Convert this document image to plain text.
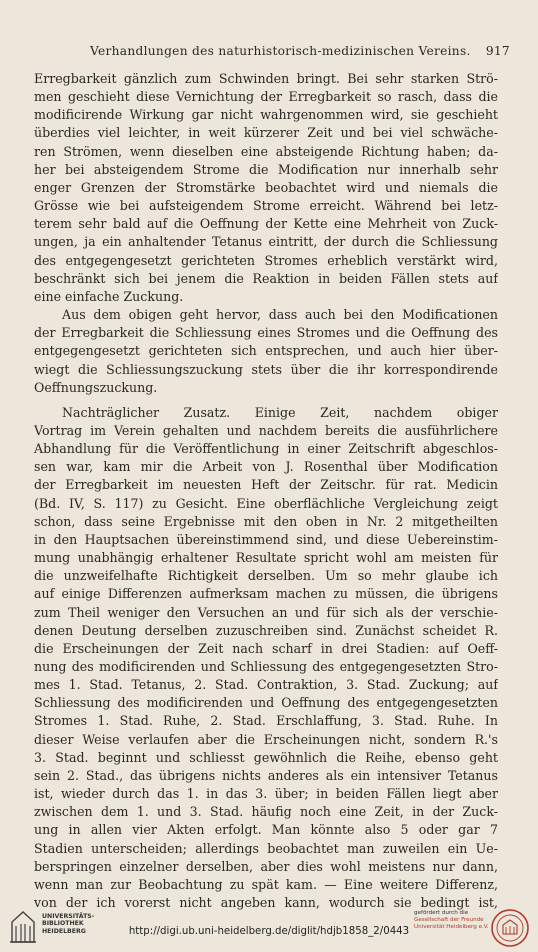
Verhandlungen des naturhistorisch-medizinischen Vereins. 917
Erregbarkeit gänzlich zum Schwinden bringt. Bei sehr starken Strö-
men geschieht diese Vernichtung der Erregbarkeit so rasch, dass die
modificirende Wirkung gar nicht wahrgenommen wird, sie geschieht
überdies viel leichter, in weit kürzerer Zeit und bei viel schwäche-
ren Strömen, wenn dieselben eine absteigende Richtung haben; da-
her bei absteigendem Strome die Modification nur innerhalb sehr
enger Grenzen der Stromstärke beobachtet wird und niemals die
Grösse wie bei aufsteigendem Strome erreicht. Während bei letz-
terem sehr bald auf die Oeffnung der Kette eine Mehrheit von Zuck-
ungen, ja ein anhaltender Tetanus eintritt, der durch die Schliessung
des entgegengesetzt gerichteten Stromes erheblich verstärkt wird,
beschränkt sich bei jenem die Reaktion in beiden Fällen stets auf
eine einfache Zuckung.
Aus dem obigen geht hervor, dass auch bei den Modificationen
der Erregbarkeit die Schliessung eines Stromes und die Oeffnung des
entgegengesetzt gerichteten sich entsprechen, und auch hier über-
wiegt die Schliessungszuckung stets über die ihr korrespondirende
Oeffnungszuckung.
Nachträglicher Zusatz. Einige Zeit, nachdem obiger
Vortrag im Verein gehalten und nachdem bereits die ausführlichere
Abhandlung für die Veröffentlichung in einer Zeitschrift abgeschlos-
sen war, kam mir die Arbeit von J. Rosenthal über Modification
der Erregbarkeit im neuesten Heft der Zeitschr. für rat. Medicin
(Bd. IV, S. 117) zu Gesicht. Eine oberflächliche Vergleichung zeigt
schon, dass seine Ergebnisse mit den oben in Nr. 2 mitgetheilten
in den Hauptsachen übereinstimmend sind, und diese Uebereinstim-
mung unabhängig erhaltener Resultate spricht wohl am meisten für
die unzweifelhafte Richtigkeit derselben. Um so mehr glaube ich
auf einige Differenzen aufmerksam machen zu müssen, die übrigens
zum Theil weniger den Versuchen an und für sich als der verschie-
denen Deutung derselben zuzuschreiben sind. Zunächst scheidet R.
die Erscheinungen der Zeit nach scharf in drei Stadien: auf Oeff-
nung des modificirenden und Schliessung des entgegengesetzten Stro-
mes 1. Stad. Tetanus, 2. Stad. Contraktion, 3. Stad. Zuckung; auf
Schliessung des modificirenden und Oeffnung des entgegengesetzten
Stromes 1. Stad. Ruhe, 2. Stad. Erschlaffung, 3. Stad. Ruhe. In
dieser Weise verlaufen aber die Erscheinungen nicht, sondern R.'s
3. Stad. beginnt und schliesst gewöhnlich die Reihe, ebenso geht
sein 2. Stad., das übrigens nichts anderes als ein intensiver Tetanus
ist, wieder durch das 1. in das 3. über; in beiden Fällen liegt aber
zwischen dem 1. und 3. Stad. häufig noch eine Zeit, in der Zuck-
ung in allen vier Akten erfolgt. Man könnte also 5 oder gar 7
Stadien unterscheiden; allerdings beobachtet man zuweilen ein Ue-
berspringen einzelner derselben, aber dies wohl meistens nur dann,
wenn man zur Beobachtung zu spät kam. — Eine weitere Differenz,
von der ich vorerst nicht angeben kann, wodurch sie bedingt ist,
UNIVERSITÄTS-
BIBLIOTHEK
HEIDELBERG	http://digi.ub.uni-heidelberg.de/diglit/hdjb1858_2/0443
gefördert durch die
Gesellschaft der Freunde
Universität Heidelberg e.V.
